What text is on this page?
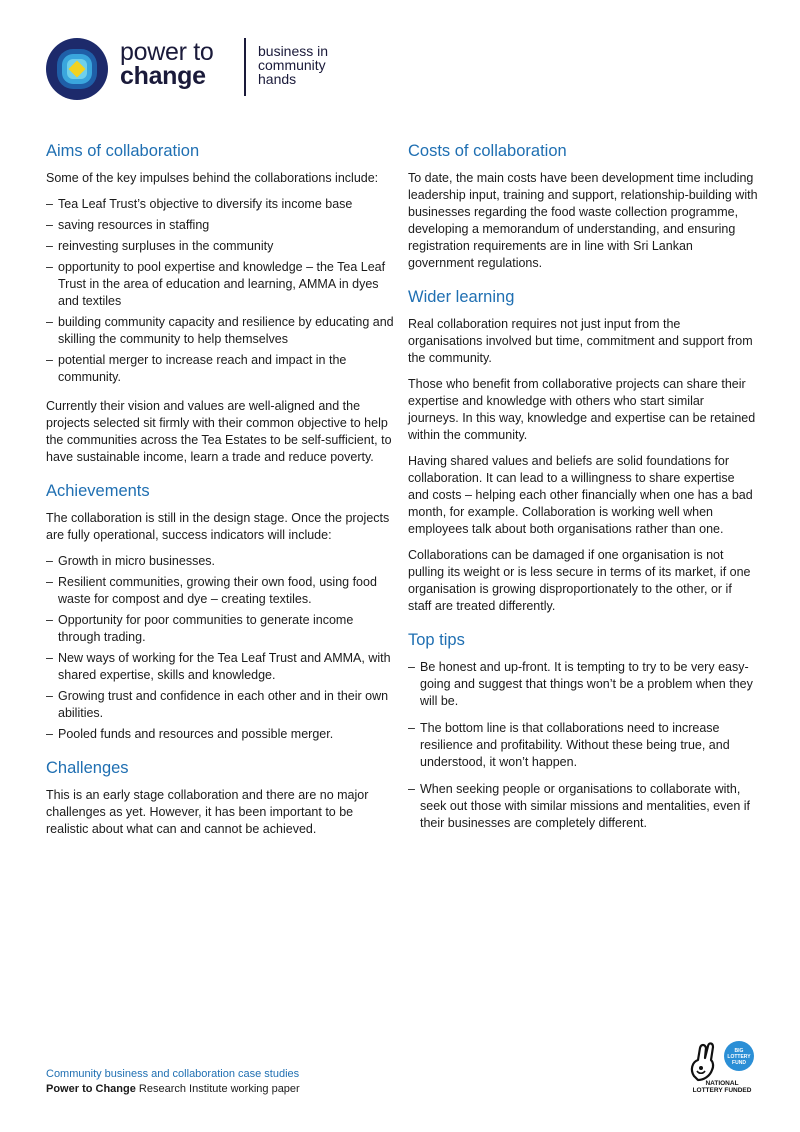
power to
change
business in
community
hands
Aims of collaboration

Some of the key impulses behind the collaborations include:

– Tea Leaf Trust’s objective to diversify its income base
– saving resources in staffing
– reinvesting surpluses in the community
– opportunity to pool expertise and knowledge – the Tea Leaf Trust in the area of education and learning, AMMA in dyes and textiles
– building community capacity and resilience by educating and skilling the community to help themselves
– potential merger to increase reach and impact in the community.

Currently their vision and values are well-aligned and the projects selected sit firmly with their common objective to help the communities across the Tea Estates to be self-sufficient, to have sustainable income, learn a trade and reduce poverty.

Achievements

The collaboration is still in the design stage. Once the projects are fully operational, success indicators will include:

– Growth in micro businesses.
– Resilient communities, growing their own food, using food waste for compost and dye – creating textiles.
– Opportunity for poor communities to generate income through trading.
– New ways of working for the Tea Leaf Trust and AMMA, with shared expertise, skills and knowledge.
– Growing trust and confidence in each other and in their own abilities.
– Pooled funds and resources and possible merger.
Challenges

This is an early stage collaboration and there are no major challenges as yet. However, it has been important to be realistic about what can and cannot be achieved.

Costs of collaboration

To date, the main costs have been development time including leadership input, training and support, relationship-building with businesses regarding the food waste collection programme, developing a memorandum of understanding, and ensuring registration requirements are in line with Sri Lankan government regulations.

Wider learning

Real collaboration requires not just input from the organisations involved but time, commitment and support from the community.

Those who benefit from collaborative projects can share their expertise and knowledge with others who start similar journeys. In this way, knowledge and expertise can be retained within the community.

Having shared values and beliefs are solid foundations for collaboration. It can lead to a willingness to share expertise and costs – helping each other financially when one has a bad month, for example. Collaboration is working well when employees talk about both organisations rather than one.

Collaborations can be damaged if one organisation is not pulling its weight or is less secure in terms of its market, if one organisation is growing disproportionately to the other, or if staff are treated differently.

Top tips
– Be honest and up-front. It is tempting to try to be very easy-going and suggest that things won’t be a problem when they will be.
– The bottom line is that collaborations need to increase resilience and profitability. Without these being true, and understood, it won’t happen.
– When seeking people or organisations to collaborate with, seek out those with similar missions and mentalities, even if their businesses are completely different.
Community business and collaboration case studies
Power to Change Research Institute working paper
BIG
LOTTERY
FUND
NATIONAL
LOTTERY FUNDED
